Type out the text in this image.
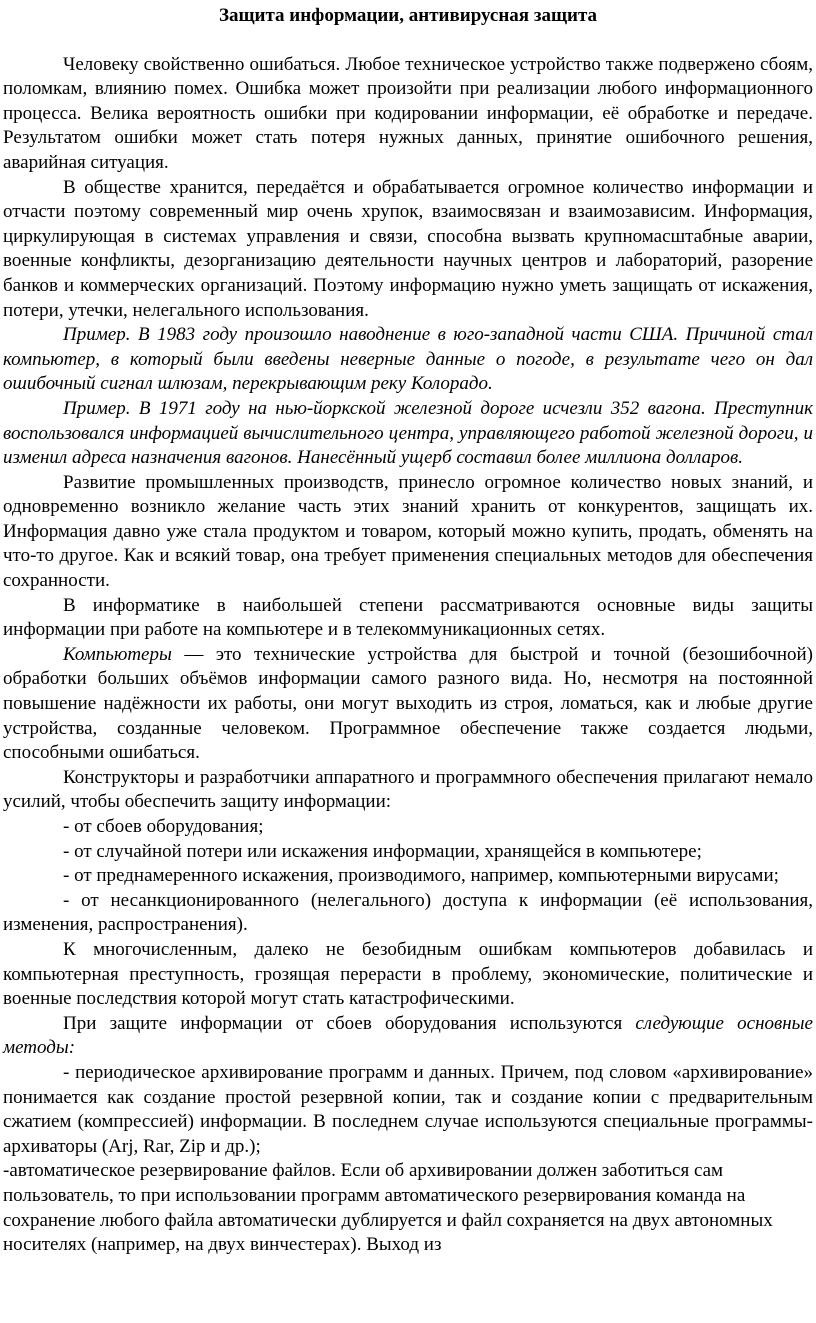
Защита информации, антивирусная защита

Человеку свойственно ошибаться. Любое техническое устройство также подвержено сбоям, поломкам, влиянию помех. Ошибка может произойти при реализации любого информационного процесса. Велика вероятность ошибки при кодировании информации, её обработке и передаче. Результатом ошибки может стать потеря нужных данных, принятие ошибочного решения, аварийная ситуация.

В обществе хранится, передаётся и обрабатывается огромное количество информации и отчасти поэтому современный мир очень хрупок, взаимосвязан и взаимозависим. Информация, циркулирующая в системах управления и связи, способна вызвать крупномасштабные аварии, военные конфликты, дезорганизацию деятельности научных центров и лабораторий, разорение банков и коммерческих организаций. Поэтому информацию нужно уметь защищать от искажения, потери, утечки, нелегального использования.

Пример. В 1983 году произошло наводнение в юго-западной части США. Причиной стал компьютер, в который были введены неверные данные о погоде, в результате чего он дал ошибочный сигнал шлюзам, перекрывающим реку Колорадо.

Пример. В 1971 году на нью-йоркской железной дороге исчезли 352 вагона. Преступник воспользовался информацией вычислительного центра, управляющего работой железной дороги, и изменил адреса назначения вагонов. Нанесённый ущерб составил более миллиона долларов.

Развитие промышленных производств, принесло огромное количество новых знаний, и одновременно возникло желание часть этих знаний хранить от конкурентов, защищать их. Информация давно уже стала продуктом и товаром, который можно купить, продать, обменять на что-то другое. Как и всякий товар, она требует применения специальных методов для обеспечения сохранности.

В информатике в наибольшей степени рассматриваются основные виды защиты информации при работе на компьютере и в телекоммуникационных сетях.

Компьютеры — это технические устройства для быстрой и точной (безошибочной) обработки больших объёмов информации самого разного вида. Но, несмотря на постоянной повышение надёжности их работы, они могут выходить из строя, ломаться, как и любые другие устройства, созданные человеком. Программное обеспечение также создается людьми, способными ошибаться.

Конструкторы и разработчики аппаратного и программного обеспечения прилагают немало усилий, чтобы обеспечить защиту информации:

- от сбоев оборудования;

- от случайной потери или искажения информации, хранящейся в компьютере;

- от преднамеренного искажения, производимого, например, компьютерными вирусами;

- от несанкционированного (нелегального) доступа к информации (её использования, изменения, распространения).

К многочисленным, далеко не безобидным ошибкам компьютеров добавилась и компьютерная преступность, грозящая перерасти в проблему, экономические, политические и военные последствия которой могут стать катастрофическими.

При защите информации от сбоев оборудования используются следующие основные методы:

- периодическое архивирование программ и данных. Причем, под словом «архивирование» понимается как создание простой резервной копии, так и создание копии с предварительным сжатием (компрессией) информации. В последнем случае используются специальные программы-архиваторы (Arj, Rar, Zip и др.);

-автоматическое резервирование файлов. Если об архивировании должен заботиться сам пользователь, то при использовании программ автоматического резервирования команда на сохранение любого файла автоматически дублируется и файл сохраняется на двух автономных носителях (например, на двух винчестерах). Выход из
